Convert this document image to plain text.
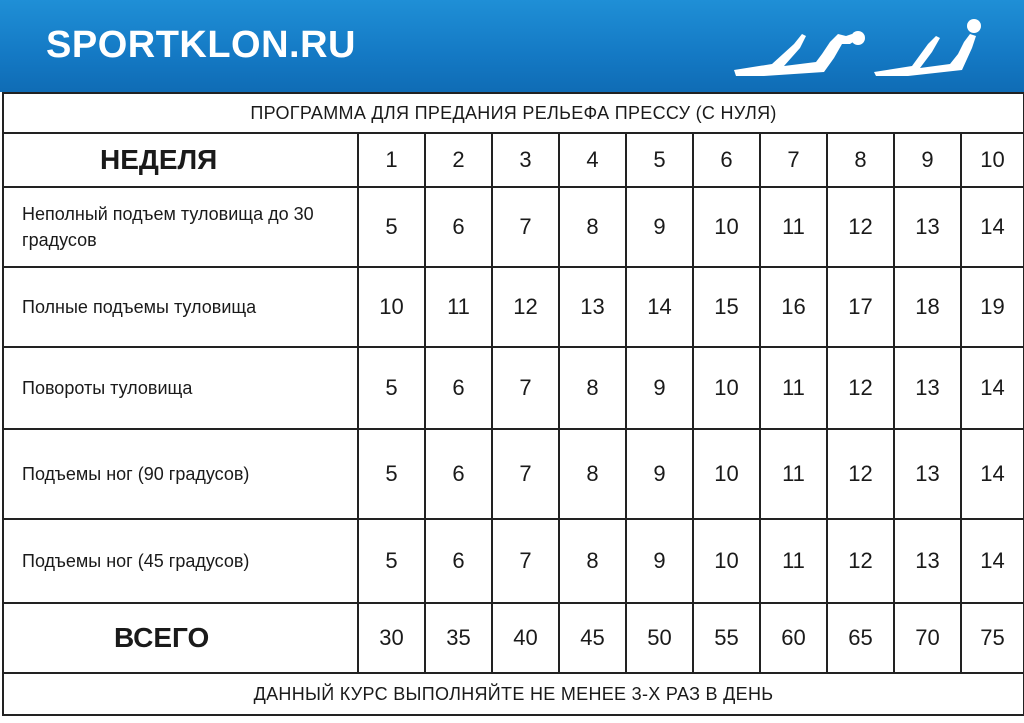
SPORTKLON.RU
ПРОГРАММА ДЛЯ ПРЕДАНИЯ РЕЛЬЕФА ПРЕССУ (С НУЛЯ)										
НЕДЕЛЯ	1	2	3	4	5	6	7	8	9	10
Неполный подъем туловища до 30 градусов	5	6	7	8	9	10	11	12	13	14
Полные подъемы туловища	10	11	12	13	14	15	16	17	18	19
Повороты туловища	5	6	7	8	9	10	11	12	13	14
Подъемы ног (90 градусов)	5	6	7	8	9	10	11	12	13	14
Подъемы ног (45 градусов)	5	6	7	8	9	10	11	12	13	14
ВСЕГО	30	35	40	45	50	55	60	65	70	75
ДАННЫЙ КУРС ВЫПОЛНЯЙТЕ НЕ МЕНЕЕ 3-Х РАЗ В ДЕНЬ										
